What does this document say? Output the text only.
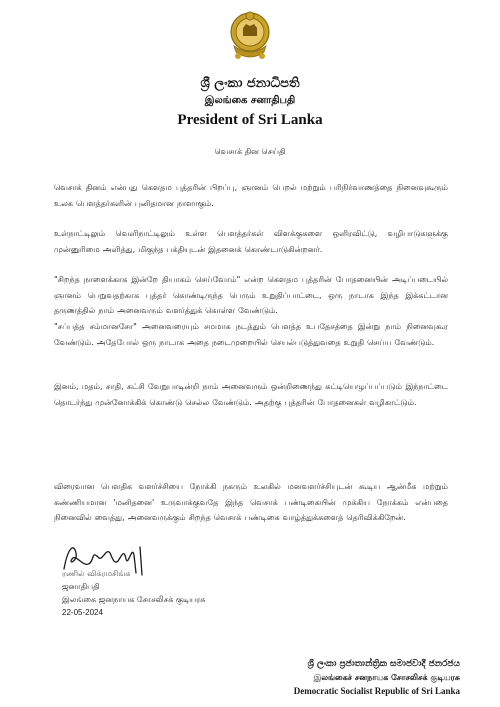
ශ්‍රී ලංකා ජනාධිපති
இலங்கை சனாதிபதி
President of Sri Lanka
வெசாக் தின செய்தி
வெசாக் தினம் என்பது கௌதம புத்தரின் பிறப்பு, ஞானம் பெறல் மற்றும் பரிநிர்வாணத்தை நினைவுகூரும் உலக பௌத்தர்களின் புனிதமான நாளாகும்.
உள்நாட்டிலும் வெளிநாட்டிலும் உள்ள பௌத்தர்கள் விளக்குகளை ஒளிரவிட்டு, வழிபாடுகளுக்கு முன்னுரிமை அளித்து, மிகுந்த பக்தியுடன் இதனைக் கொண்டாடுகின்றனர்.
"சிறந்த நாளைக்காக இன்றே தியாகம் செய்வோம்" என்ற கௌதம புத்தரின் போதனையின் அடிப்படையில் ஞானம் பெறுவதற்காக புத்தர் கொண்டிருந்த பெரும் உறுதிப்பாட்டை, ஒரு நாடாக இந்த இக்கட்டான தருணத்தில் நாம் அனைவரும் வளர்த்துக் கொள்ள வேண்டும்.
"சப்பத்த சம்மானசோ" அனைவரையும் சமமாக நடத்தும் பௌத்த உபதேசத்தை இன்று நாம் நினைவுகூர வேண்டும். அதேபோல் ஒரு நாடாக அதை நடைமுறையில் செயல்படுத்துவதை உறுதி செய்ய வேண்டும்.
இனம், மதம், சாதி, கட்சி வேறுபாடின்றி நாம் அனைவரும் ஒன்றிணைந்து கட்டியெழுப்பப்படும் இந்நாட்டை தொடர்ந்து முன்னோக்கிக் கொண்டு செல்ல வேண்டும். அதற்கு புத்தரின் போதனைகள் வழிகாட்டும்.
விரைவான பௌதிக வளர்ச்சியை நோக்கி நகரும் உலகில் மனவளர்ச்சியுடன் கூடிய ஆன்மீக மற்றும் கண்ணியமான 'மனிதனை' உருவாக்குவதே இந்த வெசாக் பண்டிகையின் முக்கிய நோக்கம் என்பதை நினைவில் வைத்து, அனைவருக்கும் சிறந்த வெசாக் பண்டிகை வாழ்த்துக்களைத் தெரிவிக்கிறேன்.
ரணில் விக்ரமசிங்க
ஜனாதிபதி
இலங்கை ஜனநாயக சோசலிசக் குடியரசு
22-05-2024
ශ්‍රී ලංකා ප්‍රජාතාන්ත්‍රික සමාජවාදී ජනරජය
இலங்கைச் சனநாயக சோசலிசக் குடியரசு
Democratic Socialist Republic of Sri Lanka
